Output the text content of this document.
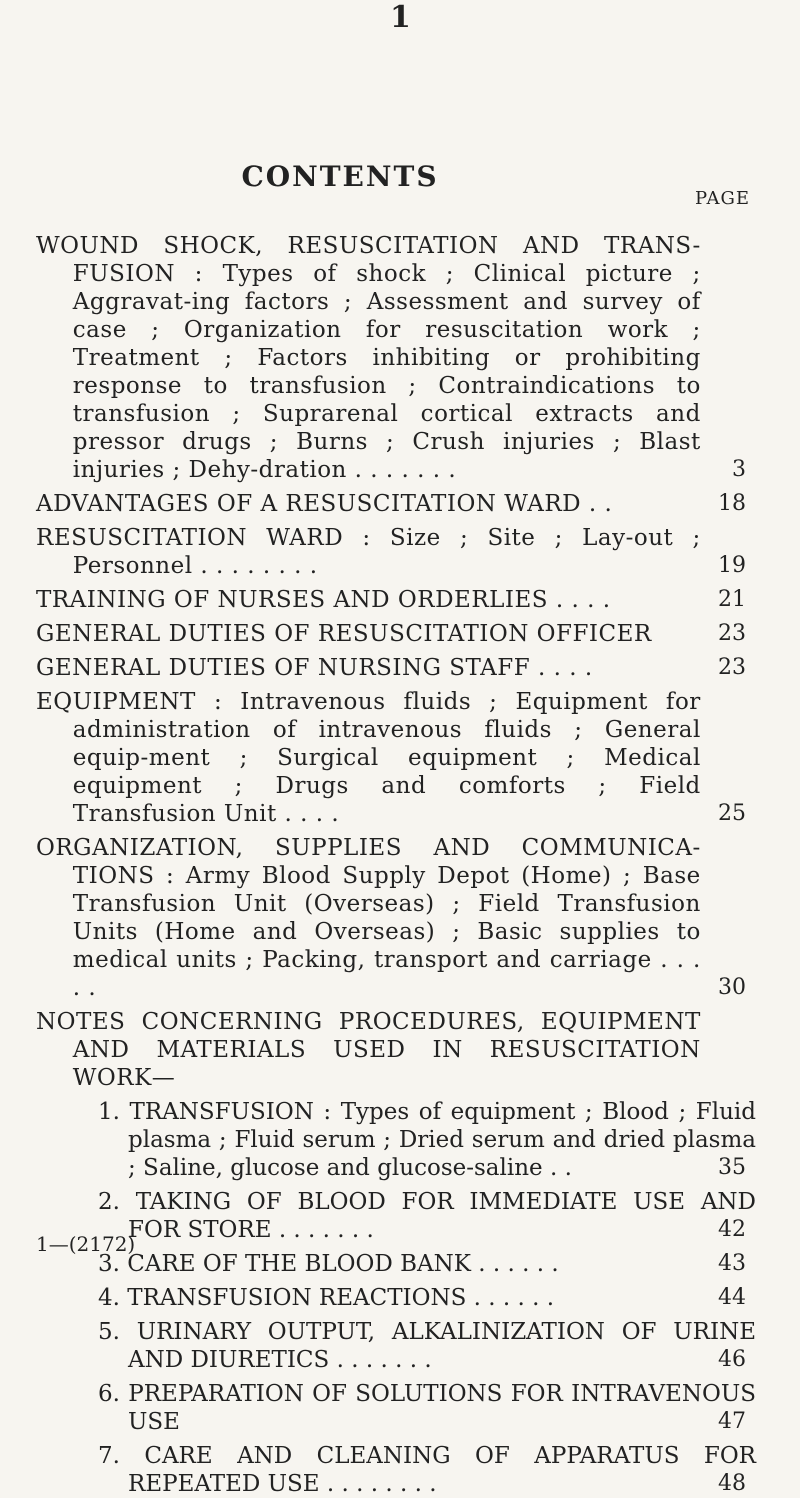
1
CONTENTS
PAGE
WOUND SHOCK, RESUSCITATION AND TRANS-FUSION : Types of shock ; Clinical picture ; Aggravat-ing factors ; Assessment and survey of case ; Organization for resuscitation work ; Treatment ; Factors inhibiting or prohibiting response to transfusion ; Contraindications to transfusion ; Suprarenal cortical extracts and pressor drugs ; Burns ; Crush injuries ; Blast injuries ; Dehy-dration . . . . . . .	3
ADVANTAGES OF A RESUSCITATION WARD . .	18
RESUSCITATION WARD : Size ; Site ; Lay-out ; Personnel . . . . . . . .	19
TRAINING OF NURSES AND ORDERLIES . . . .	21
GENERAL DUTIES OF RESUSCITATION OFFICER	23
GENERAL DUTIES OF NURSING STAFF . . . .	23
EQUIPMENT : Intravenous fluids ; Equipment for administration of intravenous fluids ; General equip-ment ; Surgical equipment ; Medical equipment ; Drugs and comforts ; Field Transfusion Unit . . . .	25
ORGANIZATION, SUPPLIES AND COMMUNICA-TIONS : Army Blood Supply Depot (Home) ; Base Transfusion Unit (Overseas) ; Field Transfusion Units (Home and Overseas) ; Basic supplies to medical units ; Packing, transport and carriage . . . . .	30
NOTES CONCERNING PROCEDURES, EQUIPMENT AND MATERIALS USED IN RESUSCITATION WORK—
1. TRANSFUSION : Types of equipment ; Blood ; Fluid plasma ; Fluid serum ; Dried serum and dried plasma ; Saline, glucose and glucose-saline . .	35
2. TAKING OF BLOOD FOR IMMEDIATE USE AND FOR STORE . . . . . . .	42
3. CARE OF THE BLOOD BANK . . . . . .	43
4. TRANSFUSION REACTIONS . . . . . .	44
5. URINARY OUTPUT, ALKALINIZATION OF URINE AND DIURETICS . . . . . . .	46
6. PREPARATION OF SOLUTIONS FOR INTRAVENOUS USE	47
7. CARE AND CLEANING OF APPARATUS FOR REPEATED USE . . . . . . . .	48
1—(2172)
